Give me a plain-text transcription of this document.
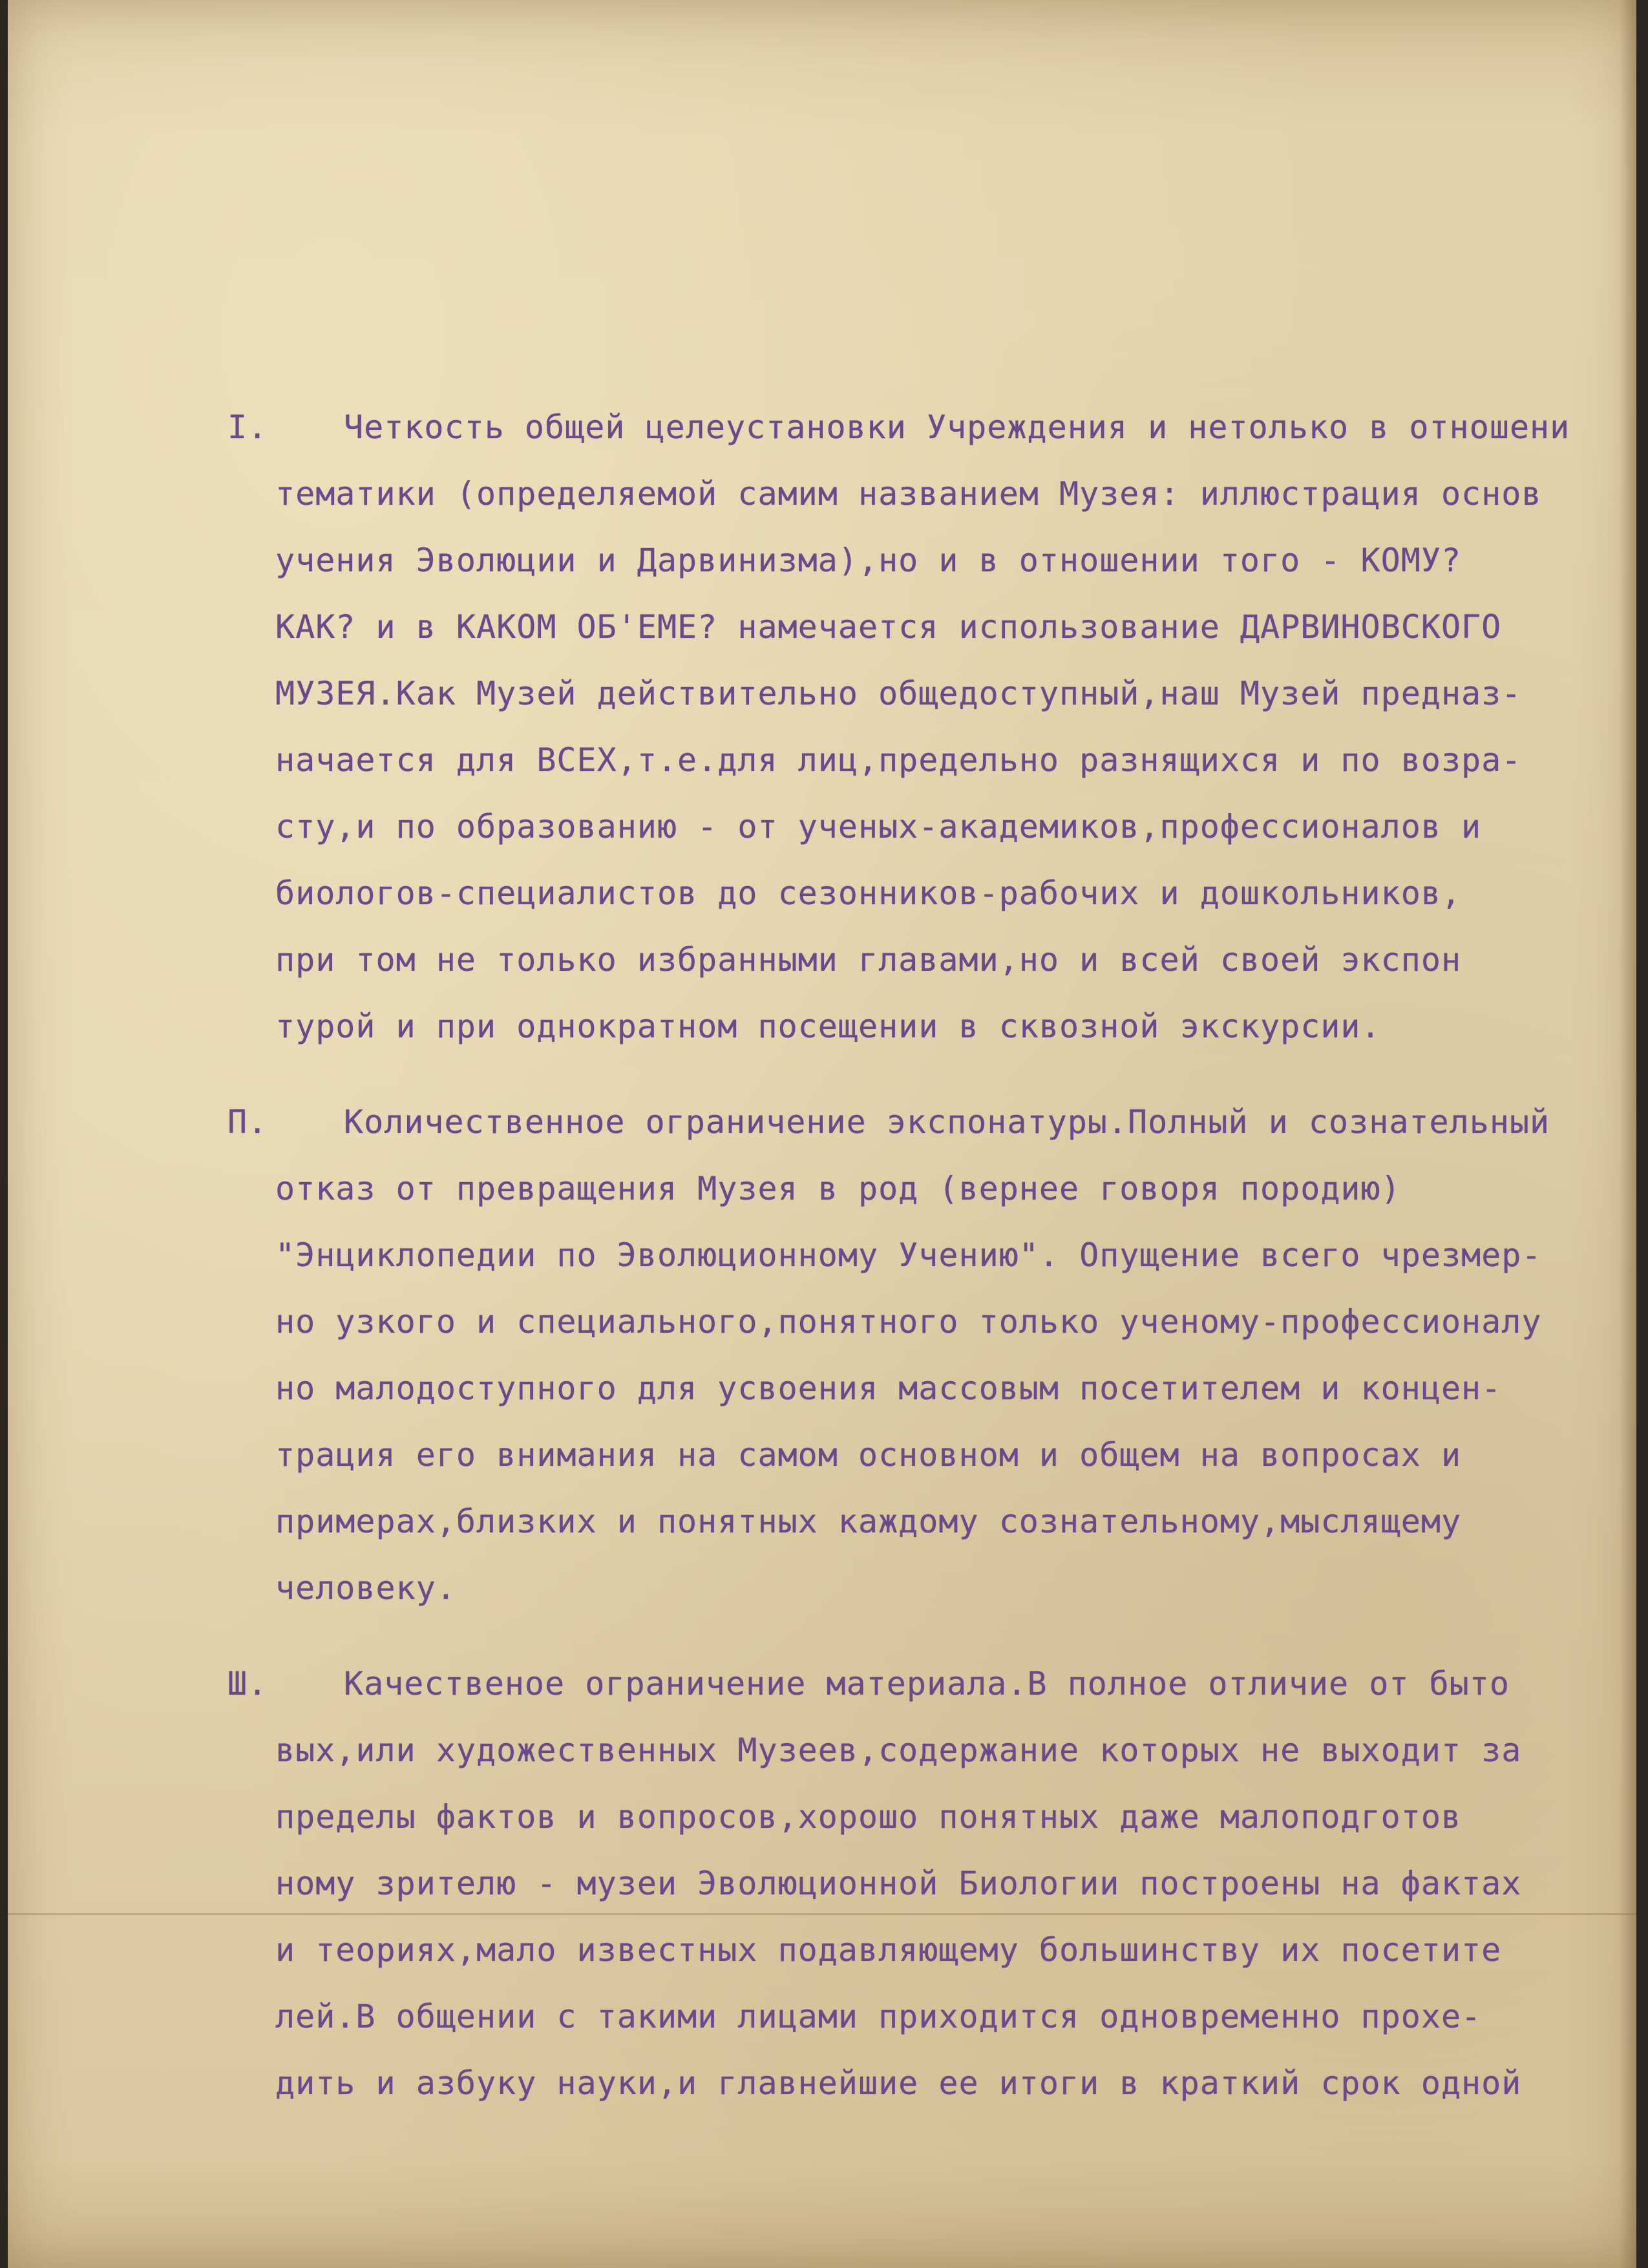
I. Четкость общей целеустановки Учреждения и нетолько в отношени
тематики (определяемой самим названием Музея: иллюстрация основ
учения Эволюции и Дарвинизма),но и в отношении того - КОМУ?
КАК? и в КАКОМ ОБ'ЕМЕ? намечается использование ДАРВИНОВСКОГО
МУЗЕЯ.Как Музей действительно общедоступный,наш Музей предназ-
начается для ВСЕХ,т.е.для лиц,предельно разнящихся и по возра-
сту,и по образованию - от ученых-академиков,профессионалов и
биологов-специалистов до сезонников-рабочих и дошкольников,
при том не только избранными главами,но и всей своей экспон
турой и при однократном посещении в сквозной экскурсии.
П. Количественное ограничение экспонатуры.Полный и сознательный
отказ от превращения Музея в род (вернее говоря породию)
"Энциклопедии по Эволюционному Учению". Опущение всего чрезмер-
но узкого и специального,понятного только ученому-профессионалу
но малодоступного для усвоения массовым посетителем и концен-
трация его внимания на самом основном и общем на вопросах и
примерах,близких и понятных каждому сознательному,мыслящему
человеку.
Ш. Качественое ограничение материала.В полное отличие от быто
вых,или художественных Музеев,содержание которых не выходит за
пределы фактов и вопросов,хорошо понятных даже малоподготов
ному зрителю - музеи Эволюционной Биологии построены на фактах
и теориях,мало известных подавляющему большинству их посетите
лей.В общении с такими лицами приходится одновременно прохе-
дить и азбуку науки,и главнейшие ее итоги в краткий срок одной
